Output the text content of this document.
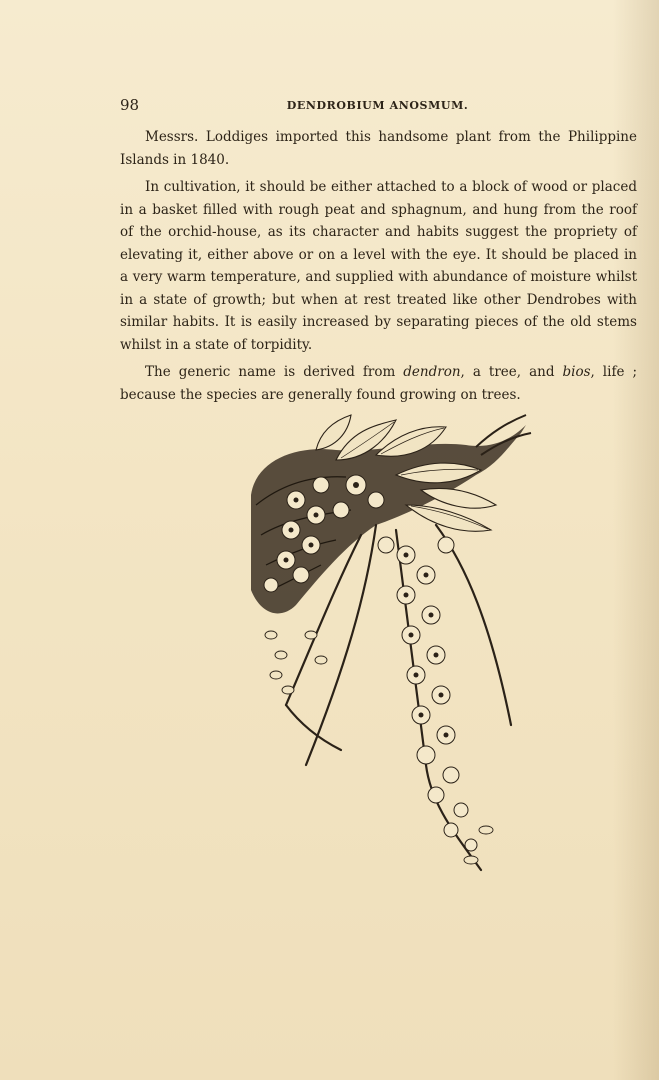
98	DENDROBIUM ANOSMUM.

Messrs. Loddiges imported this handsome plant from the Philippine Islands in 1840.

In cultivation, it should be either attached to a block of wood or placed in a basket filled with rough peat and sphagnum, and hung from the roof of the orchid-house, as its character and habits suggest the propriety of elevating it, either above or on a level with the eye. It should be placed in a very warm temperature, and supplied with abundance of moisture whilst in a state of growth; but when at rest treated like other Dendrobes with similar habits. It is easily increased by separating pieces of the old stems whilst in a state of torpidity.

The generic name is derived from dendron, a tree, and bios, life ; because the species are generally found growing on trees.
